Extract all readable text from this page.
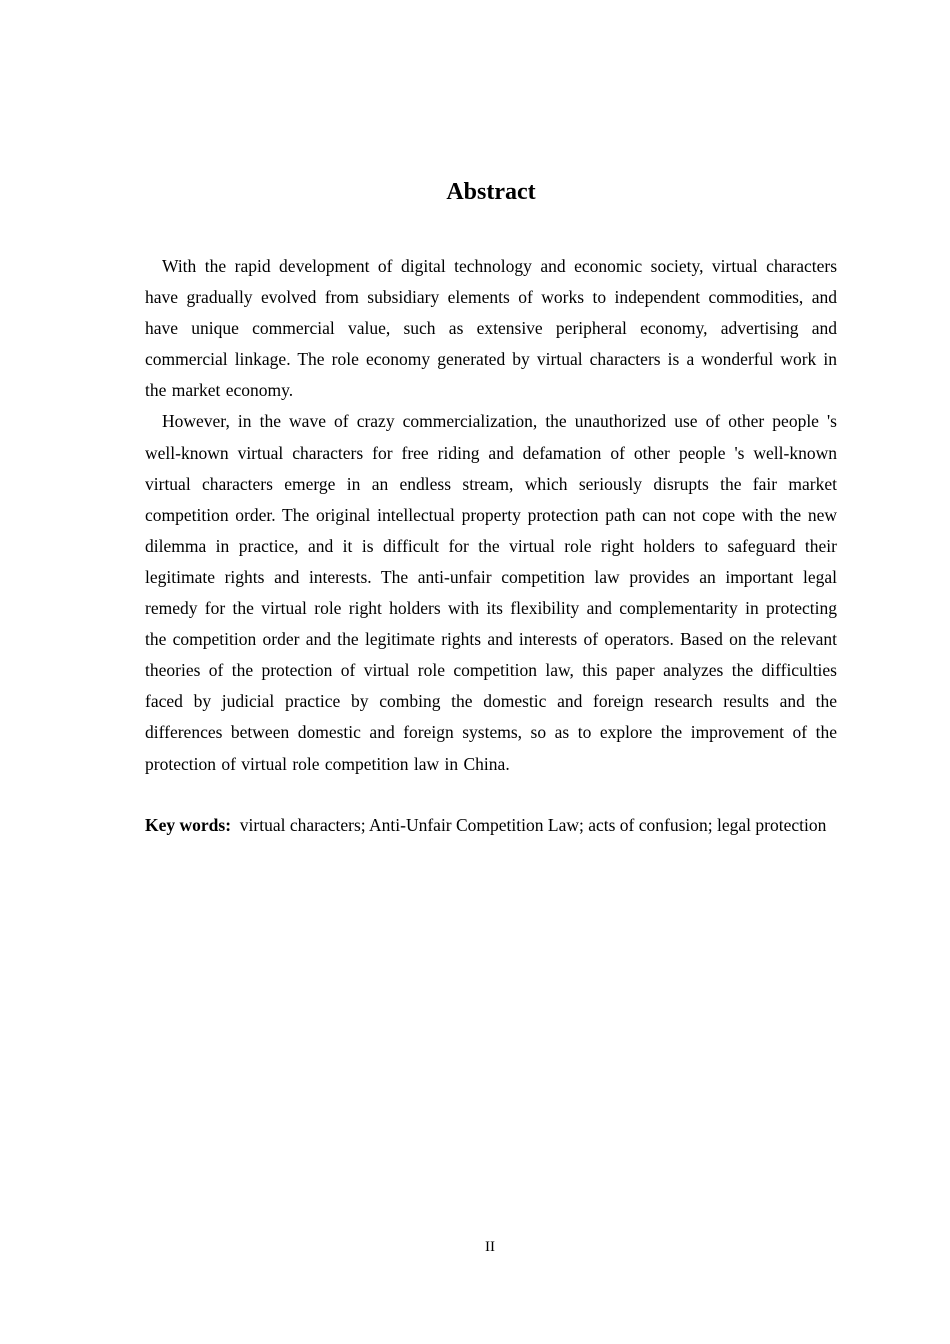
Abstract

With the rapid development of digital technology and economic society, virtual characters have gradually evolved from subsidiary elements of works to independent commodities, and have unique commercial value, such as extensive peripheral economy, advertising and commercial linkage. The role economy generated by virtual characters is a wonderful work in the market economy.

However, in the wave of crazy commercialization, the unauthorized use of other people 's well-known virtual characters for free riding and defamation of other people 's well-known virtual characters emerge in an endless stream, which seriously disrupts the fair market competition order. The original intellectual property protection path can not cope with the new dilemma in practice, and it is difficult for the virtual role right holders to safeguard their legitimate rights and interests. The anti-unfair competition law provides an important legal remedy for the virtual role right holders with its flexibility and complementarity in protecting the competition order and the legitimate rights and interests of operators. Based on the relevant theories of the protection of virtual role competition law, this paper analyzes the difficulties faced by judicial practice by combing the domestic and foreign research results and the differences between domestic and foreign systems, so as to explore the improvement of the protection of virtual role competition law in China.

Key words: virtual characters; Anti-Unfair Competition Law; acts of confusion; legal protection

II
